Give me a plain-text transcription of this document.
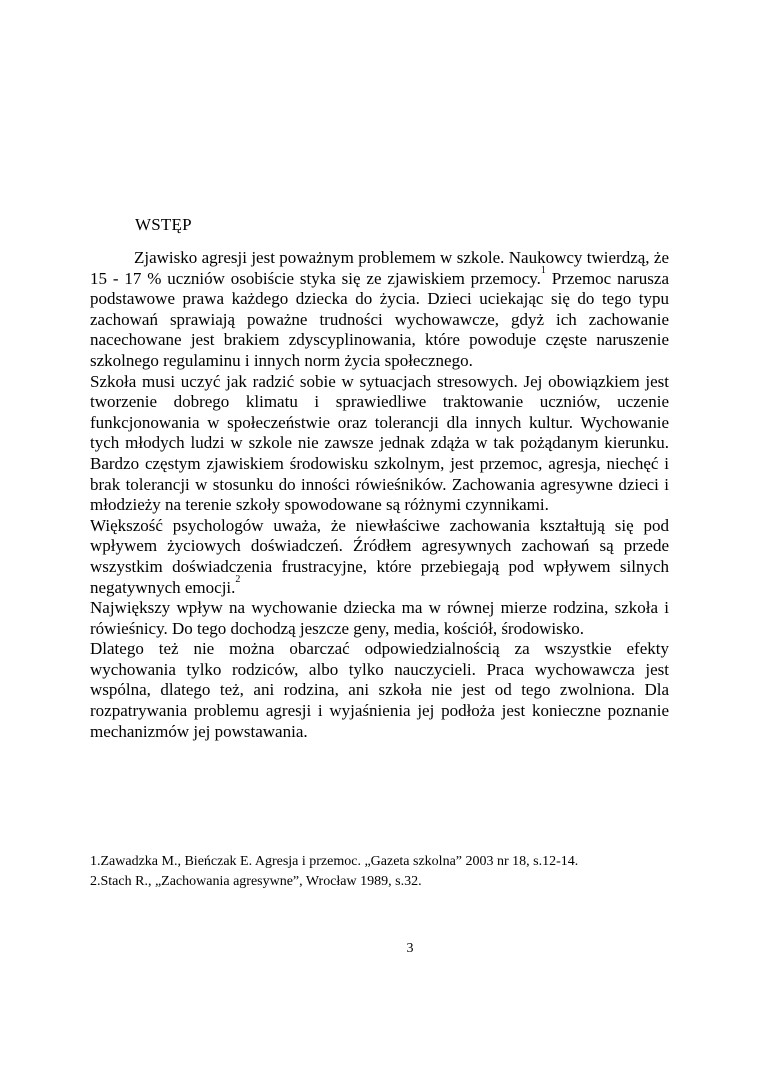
WSTĘP

Zjawisko agresji jest poważnym problemem w szkole. Naukowcy twierdzą, że 15 - 17 % uczniów osobiście styka się ze zjawiskiem przemocy.$^1$ Przemoc narusza podstawowe prawa każdego dziecka do życia. Dzieci uciekając się do tego typu zachowań sprawiają poważne trudności wychowawcze, gdyż ich zachowanie nacechowane jest brakiem zdyscyplinowania, które powoduje częste naruszenie szkolnego regulaminu i innych norm życia społecznego.

Szkoła musi uczyć jak radzić sobie w sytuacjach stresowych. Jej obowiązkiem jest tworzenie dobrego klimatu i sprawiedliwe traktowanie uczniów, uczenie funkcjonowania w społeczeństwie oraz tolerancji dla innych kultur. Wychowanie tych młodych ludzi w szkole nie zawsze jednak zdąża w tak pożądanym kierunku. Bardzo częstym zjawiskiem środowisku szkolnym, jest przemoc, agresja, niechęć i brak tolerancji w stosunku do inności rówieśników. Zachowania agresywne dzieci i młodzieży na terenie szkoły spowodowane są różnymi czynnikami.

Większość psychologów uważa, że niewłaściwe zachowania kształtują się pod wpływem życiowych doświadczeń. Źródłem agresywnych zachowań są przede wszystkim doświadczenia frustracyjne, które przebiegają pod wpływem silnych negatywnych emocji.$^2$

Największy wpływ na wychowanie dziecka ma w równej mierze rodzina, szkoła i rówieśnicy. Do tego dochodzą jeszcze geny, media, kościół, środowisko.

Dlatego też nie można obarczać odpowiedzialnością za wszystkie efekty wychowania tylko rodziców, albo tylko nauczycieli. Praca wychowawcza jest wspólna, dlatego też, ani rodzina, ani szkoła nie jest od tego zwolniona. Dla rozpatrywania problemu agresji i wyjaśnienia jej podłoża jest konieczne poznanie mechanizmów jej powstawania.

1.Zawadzka M., Bieńczak E. Agresja i przemoc. „Gazeta szkolna” 2003 nr 18, s.12-14.
2.Stach R., „Zachowania agresywne”, Wrocław 1989, s.32.
3
